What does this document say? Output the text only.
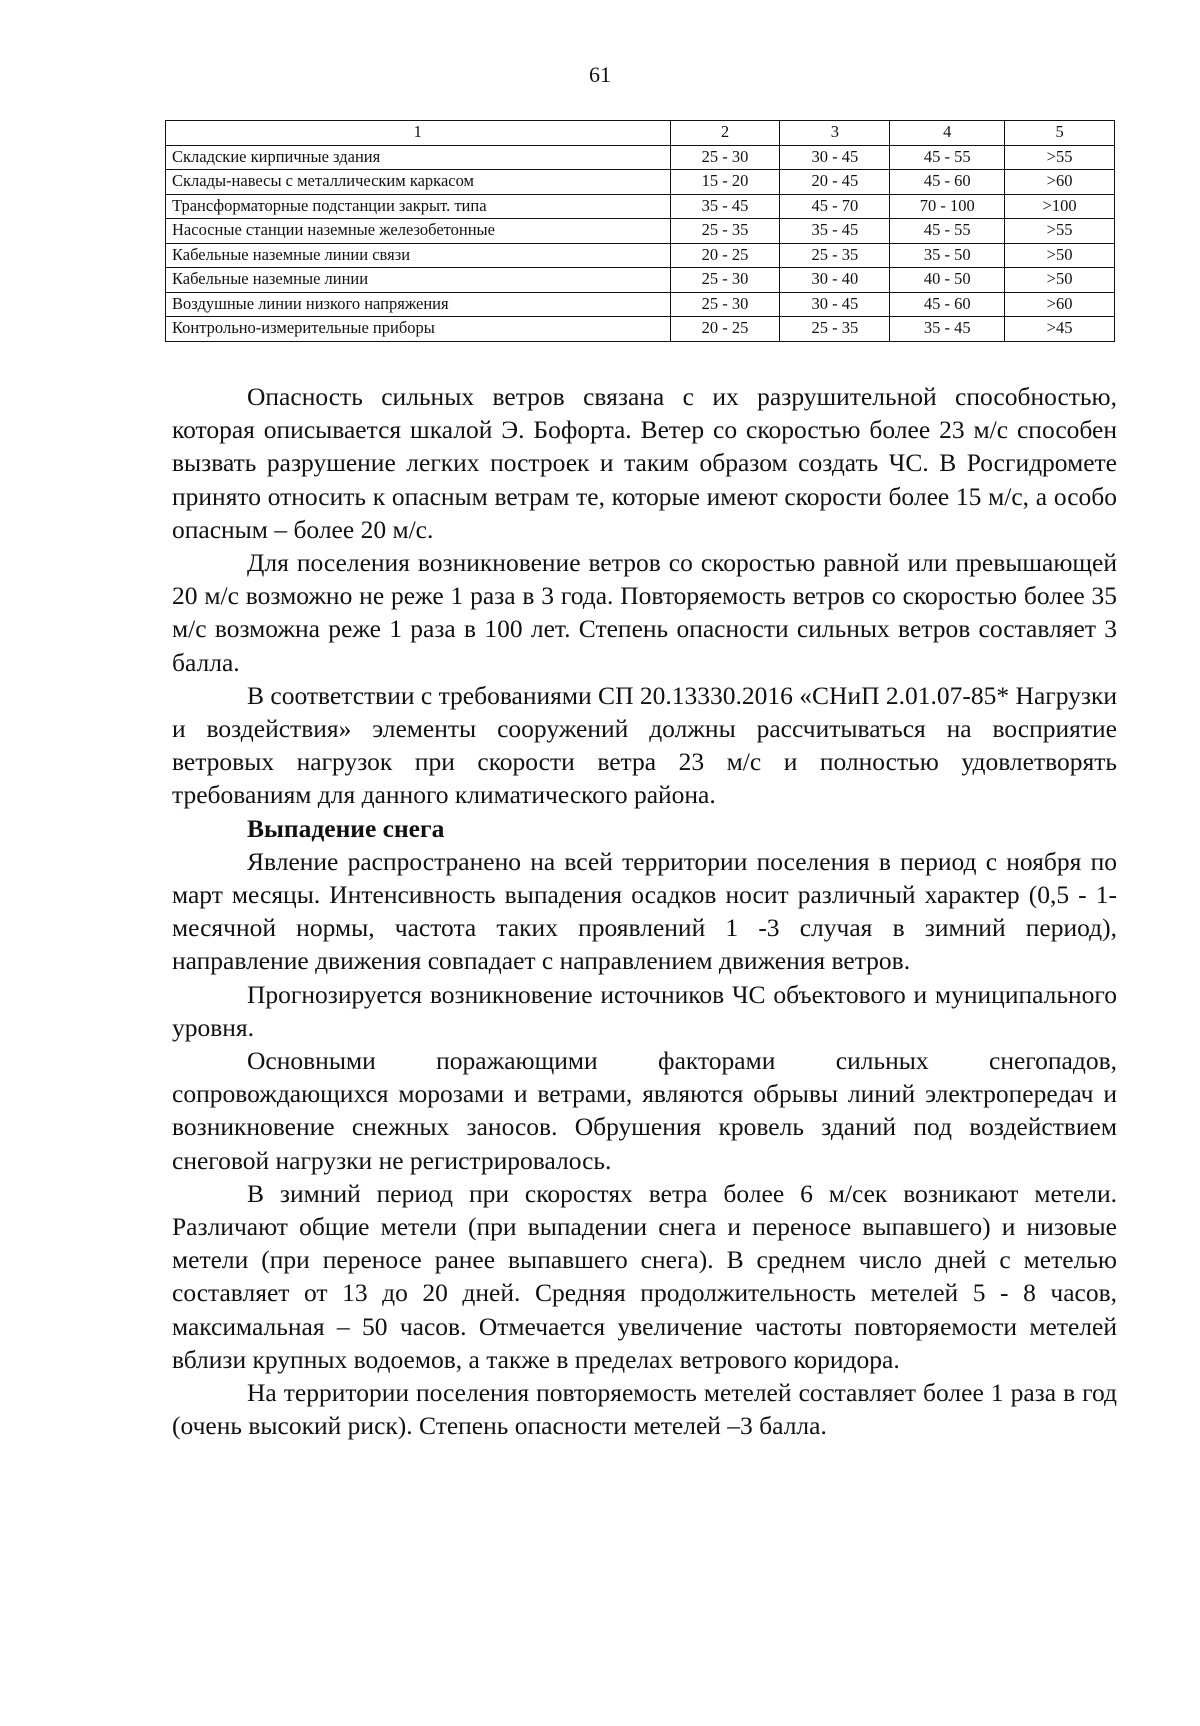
61
1	2	3	4	5
Складские кирпичные здания	25 - 30	30 - 45	45 - 55	>55
Склады-навесы с металлическим каркасом	15 - 20	20 - 45	45 - 60	>60
Трансформаторные подстанции закрыт. типа	35 - 45	45 - 70	70 - 100	>100
Насосные станции наземные железобетонные	25 - 35	35 - 45	45 - 55	>55
Кабельные наземные линии связи	20 - 25	25 - 35	35 - 50	>50
Кабельные наземные линии	25 - 30	30 - 40	40 - 50	>50
Воздушные линии низкого напряжения	25 - 30	30 - 45	45 - 60	>60
Контрольно-измерительные приборы	20 - 25	25 - 35	35 - 45	>45

Опасность сильных ветров связана с их разрушительной способностью, которая описывается шкалой Э. Бофорта. Ветер со скоростью более 23 м/с способен вызвать разрушение легких построек и таким образом создать ЧС. В Росгидромете принято относить к опасным ветрам те, которые имеют скорости более 15 м/с, а особо опасным – более 20 м/с.

Для поселения возникновение ветров со скоростью равной или превышающей 20 м/с возможно не реже 1 раза в 3 года. Повторяемость ветров со скоростью более 35 м/с возможна реже 1 раза в 100 лет. Степень опасности сильных ветров составляет 3 балла.

В соответствии с требованиями СП 20.13330.2016 «СНиП 2.01.07-85* Нагрузки и воздействия» элементы сооружений должны рассчитываться на восприятие ветровых нагрузок при скорости ветра 23 м/с и полностью удовлетворять требованиям для данного климатического района.

Выпадение снега

Явление распространено на всей территории поселения в период с ноября по март месяцы. Интенсивность выпадения осадков носит различный характер (0,5 - 1-месячной нормы, частота таких проявлений 1 -3 случая в зимний период), направление движения совпадает с направлением движения ветров.

Прогнозируется возникновение источников ЧС объектового и муниципального уровня.

Основными поражающими факторами сильных снегопадов, сопровождающихся морозами и ветрами, являются обрывы линий электропередач и возникновение снежных заносов. Обрушения кровель зданий под воздействием снеговой нагрузки не регистрировалось.

В зимний период при скоростях ветра более 6 м/сек возникают метели. Различают общие метели (при выпадении снега и переносе выпавшего) и низовые метели (при переносе ранее выпавшего снега). В среднем число дней с метелью составляет от 13 до 20 дней. Средняя продолжительность метелей 5 - 8 часов, максимальная – 50 часов. Отмечается увеличение частоты повторяемости метелей вблизи крупных водоемов, а также в пределах ветрового коридора.

На территории поселения повторяемость метелей составляет более 1 раза в год (очень высокий риск). Степень опасности метелей –3 балла.
